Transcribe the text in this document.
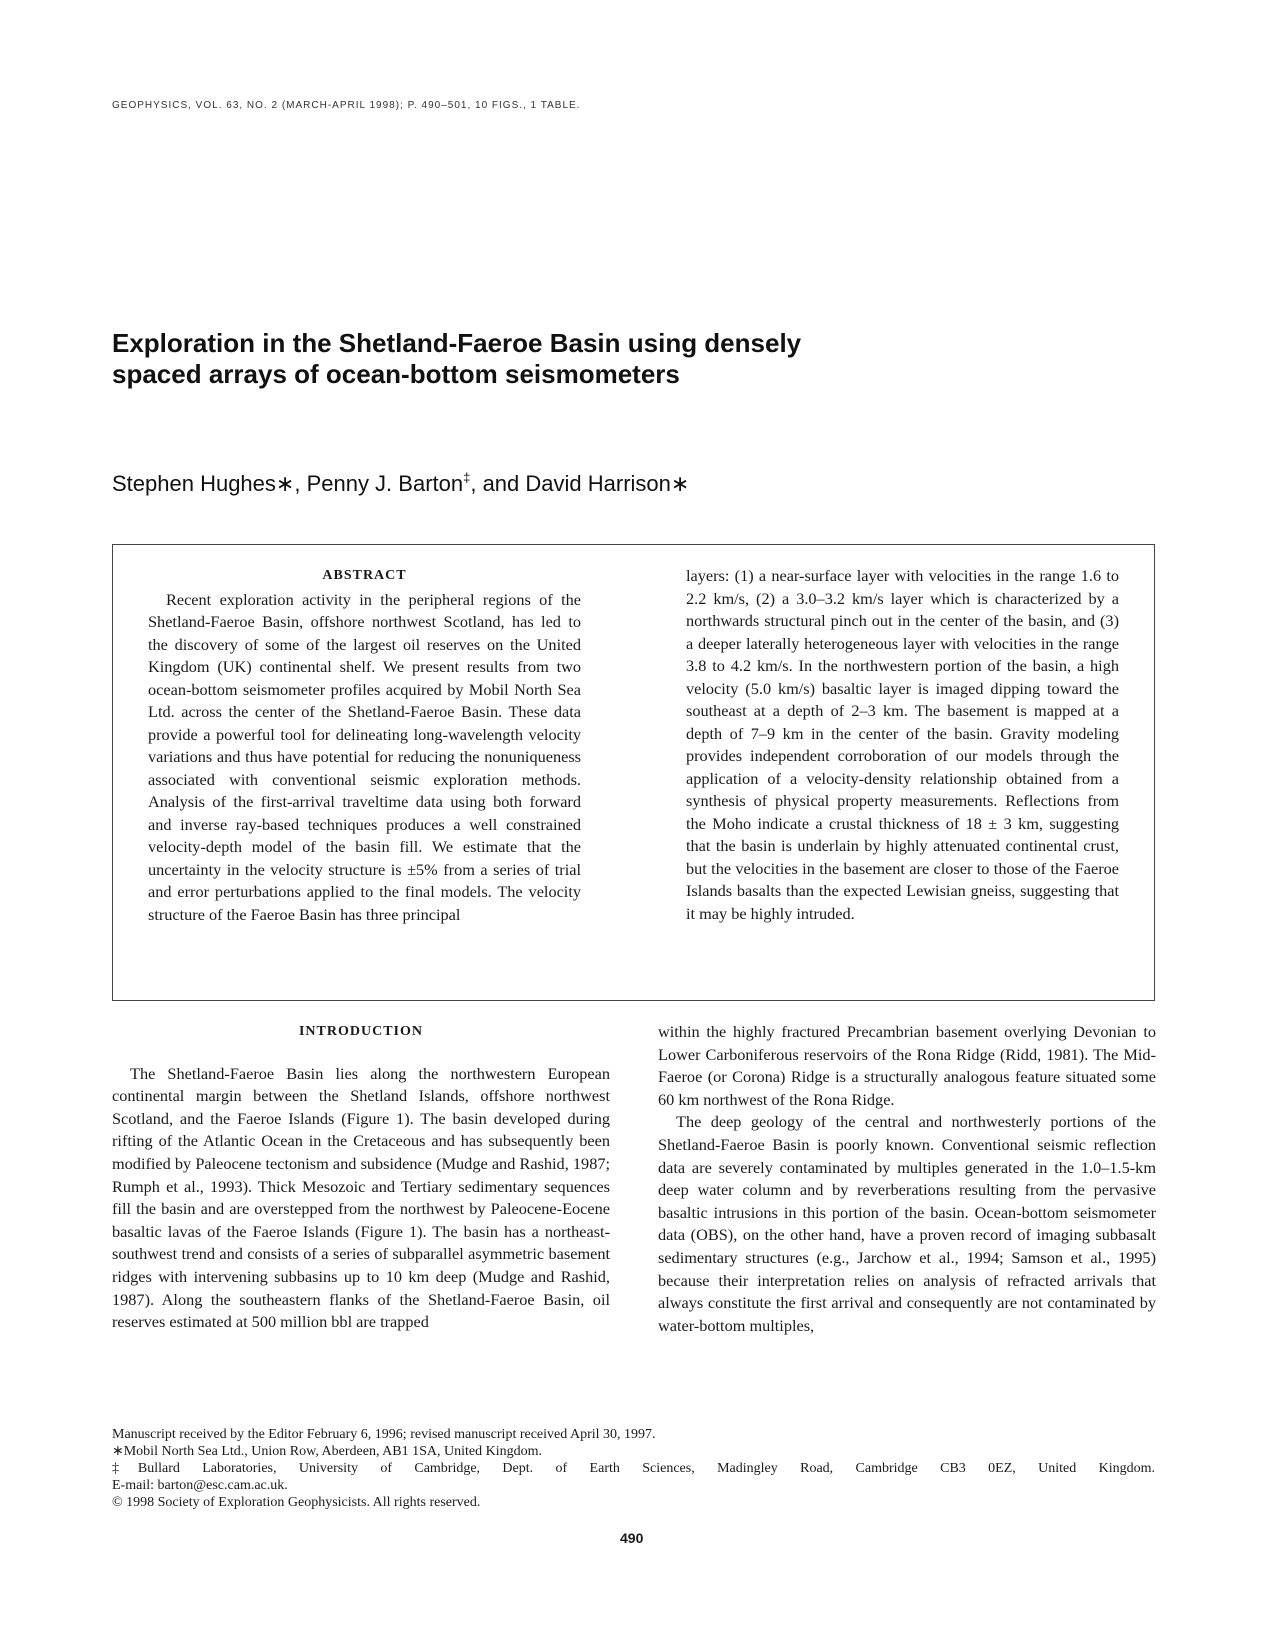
GEOPHYSICS, VOL. 63, NO. 2 (MARCH-APRIL 1998); P. 490–501, 10 FIGS., 1 TABLE.
Exploration in the Shetland-Faeroe Basin using densely
spaced arrays of ocean-bottom seismometers
Stephen Hughes∗, Penny J. Barton‡, and David Harrison∗
ABSTRACT

Recent exploration activity in the peripheral regions of the Shetland-Faeroe Basin, offshore northwest Scotland, has led to the discovery of some of the largest oil reserves on the United Kingdom (UK) continental shelf. We present results from two ocean-bottom seismometer profiles acquired by Mobil North Sea Ltd. across the center of the Shetland-Faeroe Basin. These data provide a powerful tool for delineating long-wavelength velocity variations and thus have potential for reducing the nonuniqueness associated with conventional seismic exploration methods. Analysis of the first-arrival traveltime data using both forward and inverse ray-based techniques produces a well constrained velocity-depth model of the basin fill. We estimate that the uncertainty in the velocity structure is ±5% from a series of trial and error perturbations applied to the final models. The velocity structure of the Faeroe Basin has three principal

layers: (1) a near-surface layer with velocities in the range 1.6 to 2.2 km/s, (2) a 3.0–3.2 km/s layer which is characterized by a northwards structural pinch out in the center of the basin, and (3) a deeper laterally heterogeneous layer with velocities in the range 3.8 to 4.2 km/s. In the northwestern portion of the basin, a high velocity (5.0 km/s) basaltic layer is imaged dipping toward the southeast at a depth of 2–3 km. The basement is mapped at a depth of 7–9 km in the center of the basin. Gravity modeling provides independent corroboration of our models through the application of a velocity-density relationship obtained from a synthesis of physical property measurements. Reflections from the Moho indicate a crustal thickness of 18 ± 3 km, suggesting that the basin is underlain by highly attenuated continental crust, but the velocities in the basement are closer to those of the Faeroe Islands basalts than the expected Lewisian gneiss, suggesting that it may be highly intruded.

INTRODUCTION

The Shetland-Faeroe Basin lies along the northwestern European continental margin between the Shetland Islands, offshore northwest Scotland, and the Faeroe Islands (Figure 1). The basin developed during rifting of the Atlantic Ocean in the Cretaceous and has subsequently been modified by Paleocene tectonism and subsidence (Mudge and Rashid, 1987; Rumph et al., 1993). Thick Mesozoic and Tertiary sedimentary sequences fill the basin and are overstepped from the northwest by Paleocene-Eocene basaltic lavas of the Faeroe Islands (Figure 1). The basin has a northeast-southwest trend and consists of a series of subparallel asymmetric basement ridges with intervening subbasins up to 10 km deep (Mudge and Rashid, 1987). Along the southeastern flanks of the Shetland-Faeroe Basin, oil reserves estimated at 500 million bbl are trapped

within the highly fractured Precambrian basement overlying Devonian to Lower Carboniferous reservoirs of the Rona Ridge (Ridd, 1981). The Mid-Faeroe (or Corona) Ridge is a structurally analogous feature situated some 60 km northwest of the Rona Ridge.

The deep geology of the central and northwesterly portions of the Shetland-Faeroe Basin is poorly known. Conventional seismic reflection data are severely contaminated by multiples generated in the 1.0–1.5-km deep water column and by reverberations resulting from the pervasive basaltic intrusions in this portion of the basin. Ocean-bottom seismometer data (OBS), on the other hand, have a proven record of imaging subbasalt sedimentary structures (e.g., Jarchow et al., 1994; Samson et al., 1995) because their interpretation relies on analysis of refracted arrivals that always constitute the first arrival and consequently are not contaminated by water-bottom multiples,

Manuscript received by the Editor February 6, 1996; revised manuscript received April 30, 1997.

∗Mobil North Sea Ltd., Union Row, Aberdeen, AB1 1SA, United Kingdom.

‡Bullard Laboratories, University of Cambridge, Dept. of Earth Sciences, Madingley Road, Cambridge CB3 0EZ, United Kingdom.

E-mail: barton@esc.cam.ac.uk.

© 1998 Society of Exploration Geophysicists. All rights reserved.

490
